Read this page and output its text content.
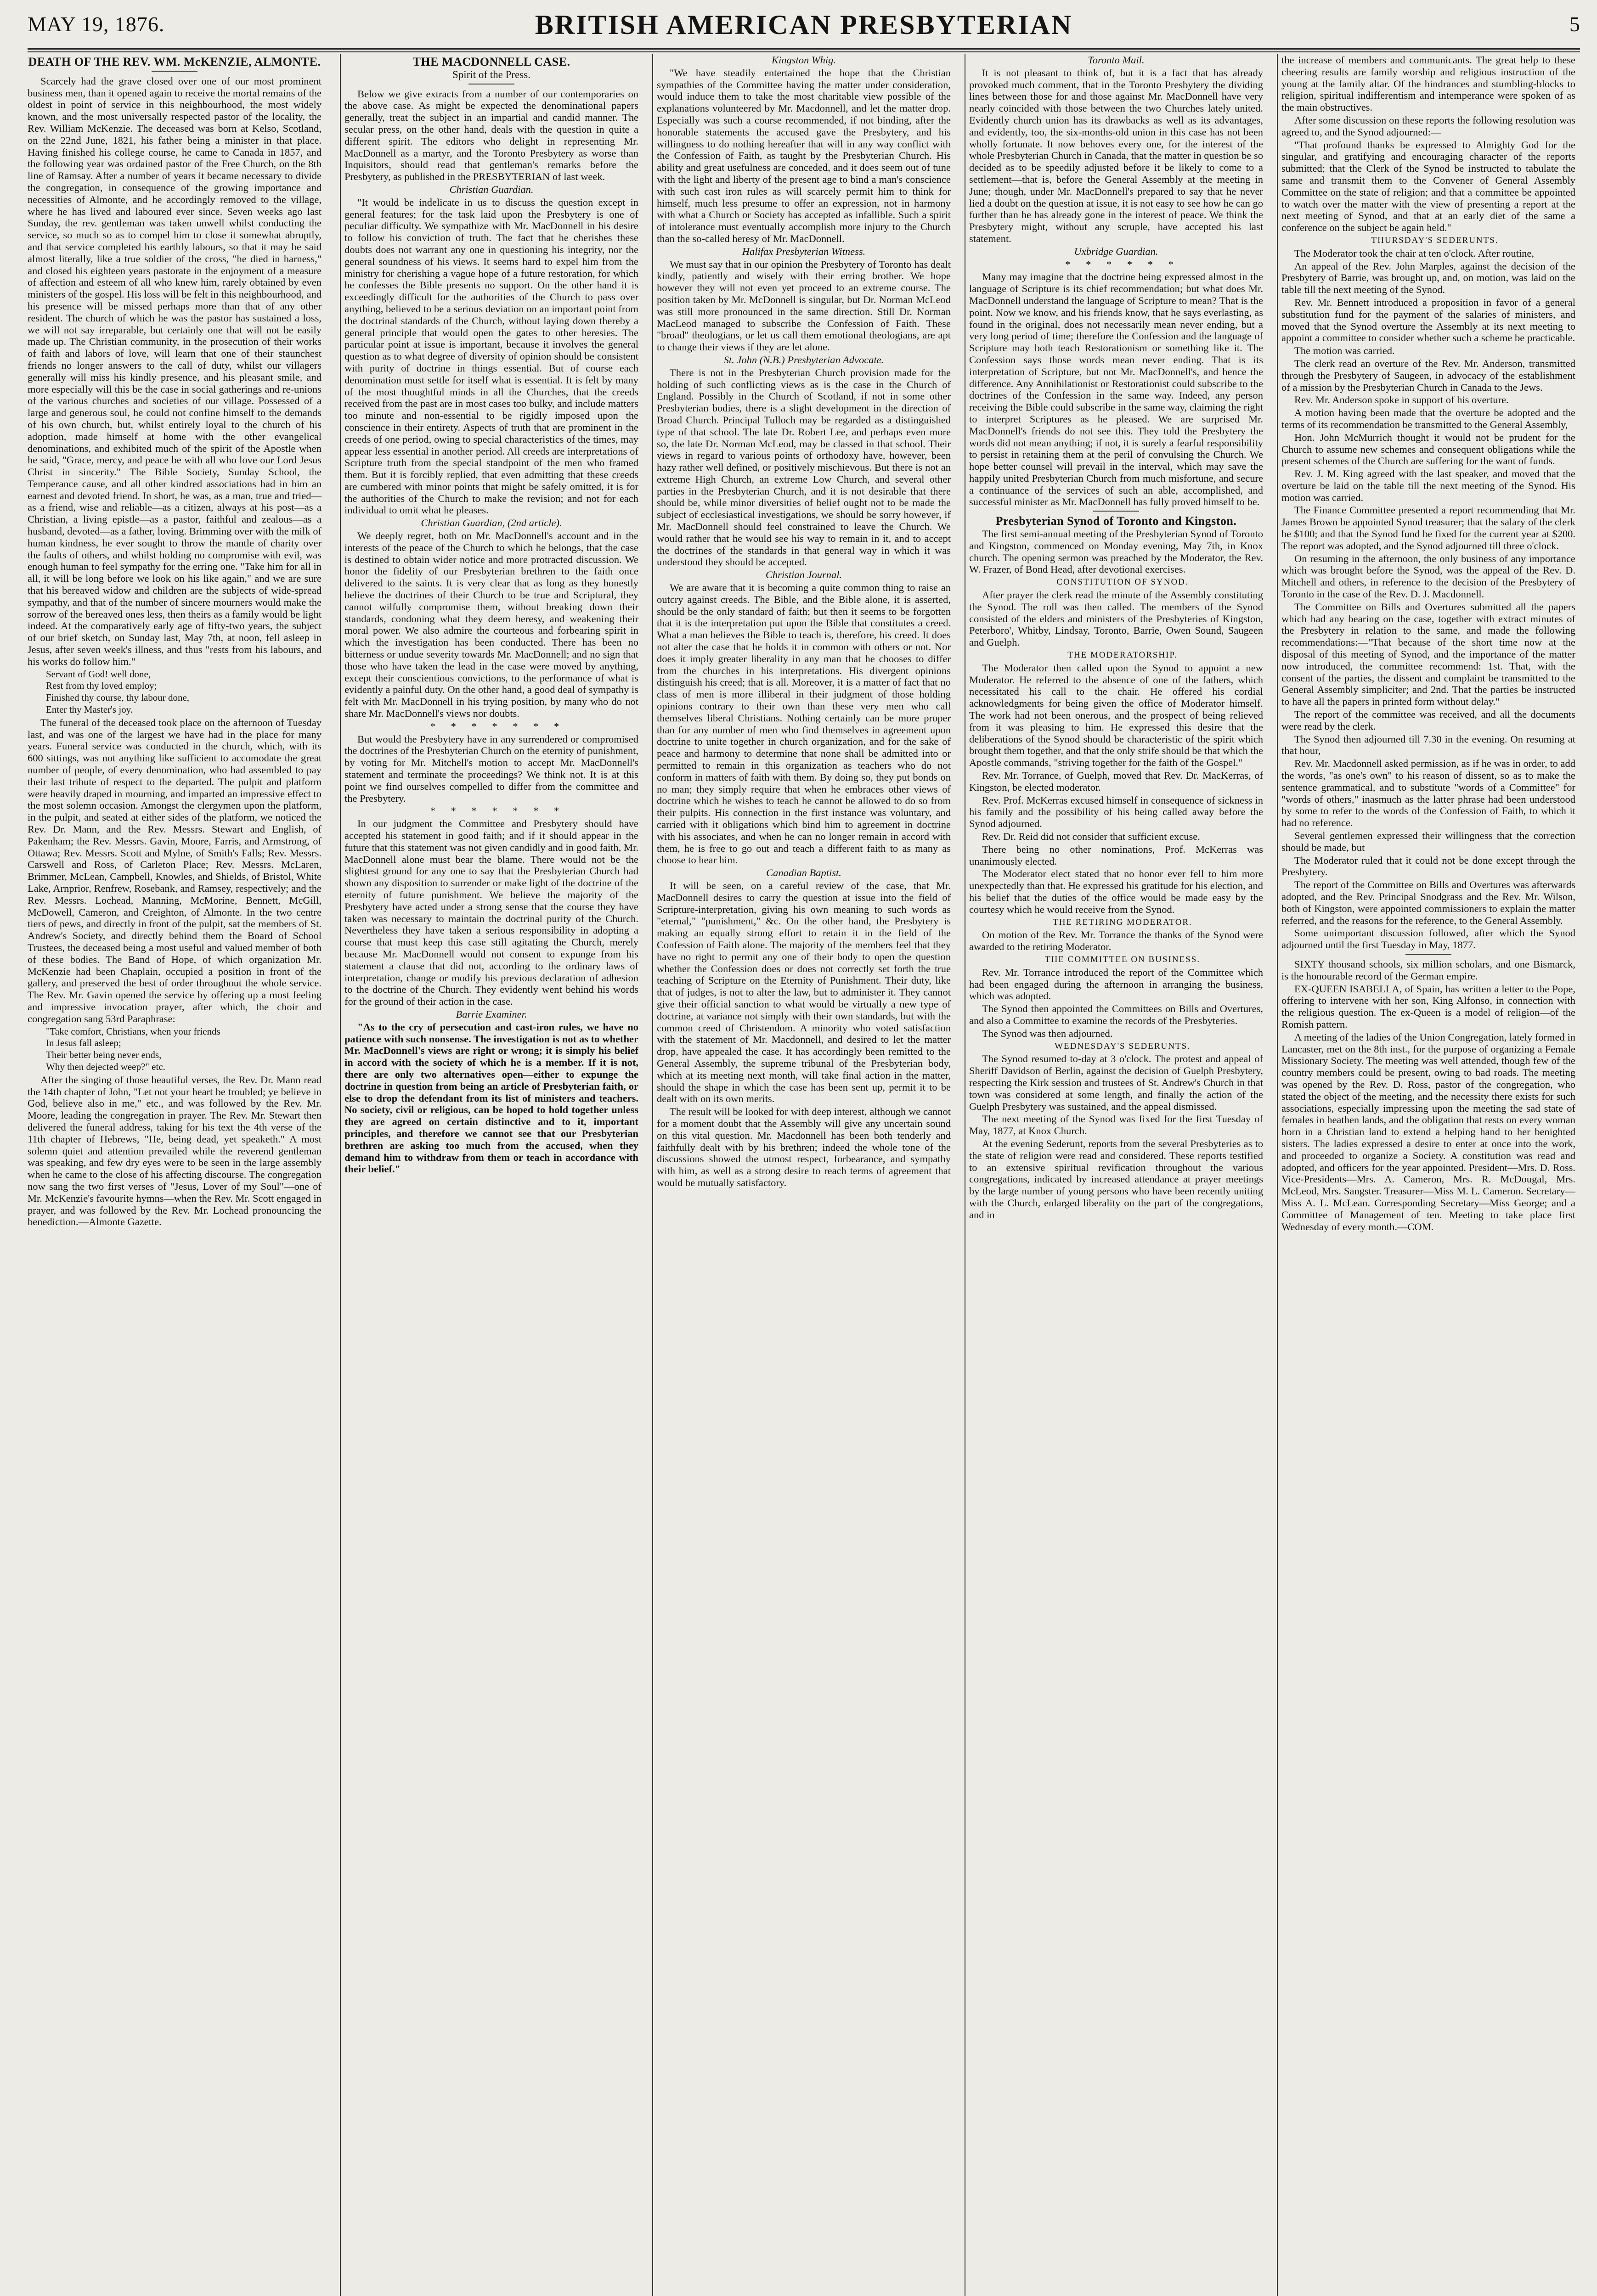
MAY 19, 1876.	BRITISH AMERICAN PRESBYTERIAN	5
DEATH OF THE REV. WM. McKENZIE, ALMONTE.

Scarcely had the grave closed over one of our most prominent business men, than it opened again to receive the mortal remains of the oldest in point of service in this neighbourhood, the most widely known, and the most universally respected pastor of the locality, the Rev. William McKenzie. The deceased was born at Kelso, Scotland, on the 22nd June, 1821, his father being a minister in that place. Having finished his college course, he came to Canada in 1857, and the following year was ordained pastor of the Free Church, on the 8th line of Ramsay. After a number of years it became necessary to divide the congregation, in consequence of the growing importance and necessities of Almonte, and he accordingly removed to the village, where he has lived and laboured ever since. Seven weeks ago last Sunday, the rev. gentleman was taken unwell whilst conducting the service, so much so as to compel him to close it somewhat abruptly, and that service completed his earthly labours, so that it may be said almost literally, like a true soldier of the cross, "he died in harness," and closed his eighteen years pastorate in the enjoyment of a measure of affection and esteem of all who knew him, rarely obtained by even ministers of the gospel. His loss will be felt in this neighbourhood, and his presence will be missed perhaps more than that of any other resident. The church of which he was the pastor has sustained a loss, we will not say irreparable, but certainly one that will not be easily made up. The Christian community, in the prosecution of their works of faith and labors of love, will learn that one of their staunchest friends no longer answers to the call of duty, whilst our villagers generally will miss his kindly presence, and his pleasant smile, and more especially will this be the case in social gatherings and re-unions of the various churches and societies of our village. Possessed of a large and generous soul, he could not confine himself to the demands of his own church, but, whilst entirely loyal to the church of his adoption, made himself at home with the other evangelical denominations, and exhibited much of the spirit of the Apostle when he said, "Grace, mercy, and peace be with all who love our Lord Jesus Christ in sincerity." The Bible Society, Sunday School, the Temperance cause, and all other kindred associations had in him an earnest and devoted friend. In short, he was, as a man, true and tried—as a friend, wise and reliable—as a citizen, always at his post—as a Christian, a living epistle—as a pastor, faithful and zealous—as a husband, devoted—as a father, loving. Brimming over with the milk of human kindness, he ever sought to throw the mantle of charity over the faults of others, and whilst holding no compromise with evil, was enough human to feel sympathy for the erring one. "Take him for all in all, it will be long before we look on his like again," and we are sure that his bereaved widow and children are the subjects of wide-spread sympathy, and that of the number of sincere mourners would make the sorrow of the bereaved ones less, then theirs as a family would be light indeed. At the comparatively early age of fifty-two years, the subject of our brief sketch, on Sunday last, May 7th, at noon, fell asleep in Jesus, after seven week's illness, and thus "rests from his labours, and his works do follow him."

Servant of God! well done,
Rest from thy loved employ;
Finished thy course, thy labour done,
Enter thy Master's joy.

The funeral of the deceased took place on the afternoon of Tuesday last, and was one of the largest we have had in the place for many years. Funeral service was conducted in the church, which, with its 600 sittings, was not anything like sufficient to accomodate the great number of people, of every denomination, who had assembled to pay their last tribute of respect to the departed. The pulpit and platform were heavily draped in mourning, and imparted an impressive effect to the most solemn occasion. Amongst the clergymen upon the platform, in the pulpit, and seated at either sides of the platform, we noticed the Rev. Dr. Mann, and the Rev. Messrs. Stewart and English, of Pakenham; the Rev. Messrs. Gavin, Moore, Farris, and Armstrong, of Ottawa; Rev. Messrs. Scott and Mylne, of Smith's Falls; Rev. Messrs. Carswell and Ross, of Carleton Place; Rev. Messrs. McLaren, Brimmer, McLean, Campbell, Knowles, and Shields, of Bristol, White Lake, Arnprior, Renfrew, Rosebank, and Ramsey, respectively; and the Rev. Messrs. Lochead, Manning, McMorine, Bennett, McGill, McDowell, Cameron, and Creighton, of Almonte. In the two centre tiers of pews, and directly in front of the pulpit, sat the members of St. Andrew's Society, and directly behind them the Board of School Trustees, the deceased being a most useful and valued member of both of these bodies. The Band of Hope, of which organization Mr. McKenzie had been Chaplain, occupied a position in front of the gallery, and preserved the best of order throughout the whole service. The Rev. Mr. Gavin opened the service by offering up a most feeling and impressive invocation prayer, after which, the choir and congregation sang 53rd Paraphrase:

"Take comfort, Christians, when your friends
In Jesus fall asleep;
Their better being never ends,
Why then dejected weep?" etc.

After the singing of those beautiful verses, the Rev. Dr. Mann read the 14th chapter of John, "Let not your heart be troubled; ye believe in God, believe also in me," etc., and was followed by the Rev. Mr. Moore, leading the congregation in prayer. The Rev. Mr. Stewart then delivered the funeral address, taking for his text the 4th verse of the 11th chapter of Hebrews, "He, being dead, yet speaketh." A most solemn quiet and attention prevailed while the reverend gentleman was speaking, and few dry eyes were to be seen in the large assembly when he came to the close of his affecting discourse. The congregation now sang the two first verses of "Jesus, Lover of my Soul"—one of Mr. McKenzie's favourite hymns—when the Rev. Mr. Scott engaged in prayer, and was followed by the Rev. Mr. Lochead pronouncing the benediction.—Almonte Gazette.

THE MACDONNELL CASE.
Spirit of the Press.

Below we give extracts from a number of our contemporaries on the above case. As might be expected the denominational papers generally, treat the subject in an impartial and candid manner. The secular press, on the other hand, deals with the question in quite a different spirit. The editors who delight in representing Mr. MacDonnell as a martyr, and the Toronto Presbytery as worse than Inquisitors, should read that gentleman's remarks before the Presbytery, as published in the PRESBYTERIAN of last week.

Christian Guardian.

"It would be indelicate in us to discuss the question except in general features; for the task laid upon the Presbytery is one of peculiar difficulty. We sympathize with Mr. MacDonnell in his desire to follow his conviction of truth. The fact that he cherishes these doubts does not warrant any one in questioning his integrity, nor the general soundness of his views. It seems hard to expel him from the ministry for cherishing a vague hope of a future restoration, for which he confesses the Bible presents no support. On the other hand it is exceedingly difficult for the authorities of the Church to pass over anything, believed to be a serious deviation on an important point from the doctrinal standards of the Church, without laying down thereby a general principle that would open the gates to other heresies. The particular point at issue is important, because it involves the general question as to what degree of diversity of opinion should be consistent with purity of doctrine in things essential. But of course each denomination must settle for itself what is essential. It is felt by many of the most thoughtful minds in all the Churches, that the creeds received from the past are in most cases too bulky, and include matters too minute and non-essential to be rigidly imposed upon the conscience in their entirety. Aspects of truth that are prominent in the creeds of one period, owing to special characteristics of the times, may appear less essential in another period. All creeds are interpretations of Scripture truth from the special standpoint of the men who framed them. But it is forcibly replied, that even admitting that these creeds are cumbered with minor points that might be safely omitted, it is for the authorities of the Church to make the revision; and not for each individual to omit what he pleases.

Christian Guardian, (2nd article).

We deeply regret, both on Mr. MacDonnell's account and in the interests of the peace of the Church to which he belongs, that the case is destined to obtain wider notice and more protracted discussion. We honor the fidelity of our Presbyterian brethren to the faith once delivered to the saints. It is very clear that as long as they honestly believe the doctrines of their Church to be true and Scriptural, they cannot wilfully compromise them, without breaking down their standards, condoning what they deem heresy, and weakening their moral power. We also admire the courteous and forbearing spirit in which the investigation has been conducted. There has been no bitterness or undue severity towards Mr. MacDonnell; and no sign that those who have taken the lead in the case were moved by anything, except their conscientious convictions, to the performance of what is evidently a painful duty. On the other hand, a good deal of sympathy is felt with Mr. MacDonnell in his trying position, by many who do not share Mr. MacDonnell's views nor doubts.

* * * * * * *

But would the Presbytery have in any surrendered or compromised the doctrines of the Presbyterian Church on the eternity of punishment, by voting for Mr. Mitchell's motion to accept Mr. MacDonnell's statement and terminate the proceedings? We think not. It is at this point we find ourselves compelled to differ from the committee and the Presbytery.

* * * * * * *

In our judgment the Committee and Presbytery should have accepted his statement in good faith; and if it should appear in the future that this statement was not given candidly and in good faith, Mr. MacDonnell alone must bear the blame. There would not be the slightest ground for any one to say that the Presbyterian Church had shown any disposition to surrender or make light of the doctrine of the eternity of future punishment. We believe the majority of the Presbytery have acted under a strong sense that the course they have taken was necessary to maintain the doctrinal purity of the Church. Nevertheless they have taken a serious responsibility in adopting a course that must keep this case still agitating the Church, merely because Mr. MacDonnell would not consent to expunge from his statement a clause that did not, according to the ordinary laws of interpretation, change or modify his previous declaration of adhesion to the doctrine of the Church. They evidently went behind his words for the ground of their action in the case.

Barrie Examiner.

"As to the cry of persecution and cast-iron rules, we have no patience with such nonsense. The investigation is not as to whether Mr. MacDonnell's views are right or wrong; it is simply his belief in accord with the society of which he is a member. If it is not, there are only two alternatives open—either to expunge the doctrine in question from being an article of Presbyterian faith, or else to drop the defendant from its list of ministers and teachers. No society, civil or religious, can be hoped to hold together unless they are agreed on certain distinctive and to it, important principles, and therefore we cannot see that our Presbyterian brethren are asking too much from the accused, when they demand him to withdraw from them or teach in accordance with their belief."

Kingston Whig.

"We have steadily entertained the hope that the Christian sympathies of the Committee having the matter under consideration, would induce them to take the most charitable view possible of the explanations volunteered by Mr. Macdonnell, and let the matter drop. Especially was such a course recommended, if not binding, after the honorable statements the accused gave the Presbytery, and his willingness to do nothing hereafter that will in any way conflict with the Confession of Faith, as taught by the Presbyterian Church. His ability and great usefulness are conceded, and it does seem out of tune with the light and liberty of the present age to bind a man's conscience with such cast iron rules as will scarcely permit him to think for himself, much less presume to offer an expression, not in harmony with what a Church or Society has accepted as infallible. Such a spirit of intolerance must eventually accomplish more injury to the Church than the so-called heresy of Mr. MacDonnell.

Halifax Presbyterian Witness.

We must say that in our opinion the Presbytery of Toronto has dealt kindly, patiently and wisely with their erring brother. We hope however they will not even yet proceed to an extreme course. The position taken by Mr. McDonnell is singular, but Dr. Norman McLeod was still more pronounced in the same direction. Still Dr. Norman MacLeod managed to subscribe the Confession of Faith. These "broad" theologians, or let us call them emotional theologians, are apt to change their views if they are let alone.

St. John (N.B.) Presbyterian Advocate.

There is not in the Presbyterian Church provision made for the holding of such conflicting views as is the case in the Church of England. Possibly in the Church of Scotland, if not in some other Presbyterian bodies, there is a slight development in the direction of Broad Church. Principal Tulloch may be regarded as a distinguished type of that school. The late Dr. Robert Lee, and perhaps even more so, the late Dr. Norman McLeod, may be classed in that school. Their views in regard to various points of orthodoxy have, however, been hazy rather well defined, or positively mischievous. But there is not an extreme High Church, an extreme Low Church, and several other parties in the Presbyterian Church, and it is not desirable that there should be, while minor diversities of belief ought not to be made the subject of ecclesiastical investigations, we should be sorry however, if Mr. MacDonnell should feel constrained to leave the Church. We would rather that he would see his way to remain in it, and to accept the doctrines of the standards in that general way in which it was understood they should be accepted.

Christian Journal.

We are aware that it is becoming a quite common thing to raise an outcry against creeds. The Bible, and the Bible alone, it is asserted, should be the only standard of faith; but then it seems to be forgotten that it is the interpretation put upon the Bible that constitutes a creed. What a man believes the Bible to teach is, therefore, his creed. It does not alter the case that he holds it in common with others or not. Nor does it imply greater liberality in any man that he chooses to differ from the churches in his interpretations. His divergent opinions distinguish his creed; that is all. Moreover, it is a matter of fact that no class of men is more illiberal in their judgment of those holding opinions contrary to their own than these very men who call themselves liberal Christians. Nothing certainly can be more proper than for any number of men who find themselves in agreement upon doctrine to unite together in church organization, and for the sake of peace and harmony to determine that none shall be admitted into or permitted to remain in this organization as teachers who do not conform in matters of faith with them. By doing so, they put bonds on no man; they simply require that when he embraces other views of doctrine which he wishes to teach he cannot be allowed to do so from their pulpits. His connection in the first instance was voluntary, and carried with it obligations which bind him to agreement in doctrine with his associates, and when he can no longer remain in accord with them, he is free to go out and teach a different faith to as many as choose to hear him.

Canadian Baptist.

It will be seen, on a careful review of the case, that Mr. MacDonnell desires to carry the question at issue into the field of Scripture-interpretation, giving his own meaning to such words as "eternal," "punishment," &c. On the other hand, the Presbytery is making an equally strong effort to retain it in the field of the Confession of Faith alone. The majority of the members feel that they have no right to permit any one of their body to open the question whether the Confession does or does not correctly set forth the true teaching of Scripture on the Eternity of Punishment. Their duty, like that of judges, is not to alter the law, but to administer it. They cannot give their official sanction to what would be virtually a new type of doctrine, at variance not simply with their own standards, but with the common creed of Christendom. A minority who voted satisfaction with the statement of Mr. Macdonnell, and desired to let the matter drop, have appealed the case. It has accordingly been remitted to the General Assembly, the supreme tribunal of the Presbyterian body, which at its meeting next month, will take final action in the matter, should the shape in which the case has been sent up, permit it to be dealt with on its own merits.

The result will be looked for with deep interest, although we cannot for a moment doubt that the Assembly will give any uncertain sound on this vital question. Mr. Macdonnell has been both tenderly and faithfully dealt with by his brethren; indeed the whole tone of the discussions showed the utmost respect, forbearance, and sympathy with him, as well as a strong desire to reach terms of agreement that would be mutually satisfactory.

Toronto Mail.

It is not pleasant to think of, but it is a fact that has already provoked much comment, that in the Toronto Presbytery the dividing lines between those for and those against Mr. MacDonnell have very nearly coincided with those between the two Churches lately united. Evidently church union has its drawbacks as well as its advantages, and evidently, too, the six-months-old union in this case has not been wholly fortunate. It now behoves every one, for the interest of the whole Presbyterian Church in Canada, that the matter in question be so decided as to be speedily adjusted before it be likely to come to a settlement—that is, before the General Assembly at the meeting in June; though, under Mr. MacDonnell's prepared to say that he never lied a doubt on the question at issue, it is not easy to see how he can go further than he has already gone in the interest of peace. We think the Presbytery might, without any scruple, have accepted his last statement.

Uxbridge Guardian.

* * * * * *

Many may imagine that the doctrine being expressed almost in the language of Scripture is its chief recommendation; but what does Mr. MacDonnell understand the language of Scripture to mean? That is the point. Now we know, and his friends know, that he says everlasting, as found in the original, does not necessarily mean never ending, but a very long period of time; therefore the Confession and the language of Scripture may both teach Restorationism or something like it. The Confession says those words mean never ending. That is its interpretation of Scripture, but not Mr. MacDonnell's, and hence the difference. Any Annihilationist or Restorationist could subscribe to the doctrines of the Confession in the same way. Indeed, any person receiving the Bible could subscribe in the same way, claiming the right to interpret Scriptures as he pleased. We are surprised Mr. MacDonnell's friends do not see this. They told the Presbytery the words did not mean anything; if not, it is surely a fearful responsibility to persist in retaining them at the peril of convulsing the Church. We hope better counsel will prevail in the interval, which may save the happily united Presbyterian Church from much misfortune, and secure a continuance of the services of such an able, accomplished, and successful minister as Mr. MacDonnell has fully proved himself to be.

Presbyterian Synod of Toronto and Kingston.

The first semi-annual meeting of the Presbyterian Synod of Toronto and Kingston, commenced on Monday evening, May 7th, in Knox church. The opening sermon was preached by the Moderator, the Rev. W. Frazer, of Bond Head, after devotional exercises.

CONSTITUTION OF SYNOD.

After prayer the clerk read the minute of the Assembly constituting the Synod. The roll was then called. The members of the Synod consisted of the elders and ministers of the Presbyteries of Kingston, Peterboro', Whitby, Lindsay, Toronto, Barrie, Owen Sound, Saugeen and Guelph.

THE MODERATORSHIP.

The Moderator then called upon the Synod to appoint a new Moderator. He referred to the absence of one of the fathers, which necessitated his call to the chair. He offered his cordial acknowledgments for being given the office of Moderator himself. The work had not been onerous, and the prospect of being relieved from it was pleasing to him. He expressed this desire that the deliberations of the Synod should be characteristic of the spirit which brought them together, and that the only strife should be that which the Apostle commands, "striving together for the faith of the Gospel."

Rev. Mr. Torrance, of Guelph, moved that Rev. Dr. MacKerras, of Kingston, be elected moderator.

Rev. Prof. McKerras excused himself in consequence of sickness in his family and the possibility of his being called away before the Synod adjourned.

Rev. Dr. Reid did not consider that sufficient excuse.

There being no other nominations, Prof. McKerras was unanimously elected.

The Moderator elect stated that no honor ever fell to him more unexpectedly than that. He expressed his gratitude for his election, and his belief that the duties of the office would be made easy by the courtesy which he would receive from the Synod.

THE RETIRING MODERATOR.

On motion of the Rev. Mr. Torrance the thanks of the Synod were awarded to the retiring Moderator.

THE COMMITTEE ON BUSINESS.

Rev. Mr. Torrance introduced the report of the Committee which had been engaged during the afternoon in arranging the business, which was adopted.

The Synod then appointed the Committees on Bills and Overtures, and also a Committee to examine the records of the Presbyteries.

The Synod was then adjourned.

WEDNESDAY'S SEDERUNTS.

The Synod resumed to-day at 3 o'clock. The protest and appeal of Sheriff Davidson of Berlin, against the decision of Guelph Presbytery, respecting the Kirk session and trustees of St. Andrew's Church in that town was considered at some length, and finally the action of the Guelph Presbytery was sustained, and the appeal dismissed.

The next meeting of the Synod was fixed for the first Tuesday of May, 1877, at Knox Church.

At the evening Sederunt, reports from the several Presbyteries as to the state of religion were read and considered. These reports testified to an extensive spiritual revification throughout the various congregations, indicated by increased attendance at prayer meetings by the large number of young persons who have been recently uniting with the Church, enlarged liberality on the part of the congregations, and in

the increase of members and communicants. The great help to these cheering results are family worship and religious instruction of the young at the family altar. Of the hindrances and stumbling-blocks to religion, spiritual indifferentism and intemperance were spoken of as the main obstructives.

After some discussion on these reports the following resolution was agreed to, and the Synod adjourned:—

"That profound thanks be expressed to Almighty God for the singular, and gratifying and encouraging character of the reports submitted; that the Clerk of the Synod be instructed to tabulate the same and transmit them to the Convener of General Assembly Committee on the state of religion; and that a committee be appointed to watch over the matter with the view of presenting a report at the next meeting of Synod, and that at an early diet of the same a conference on the subject be again held."

THURSDAY'S SEDERUNTS.

The Moderator took the chair at ten o'clock. After routine,

An appeal of the Rev. John Marples, against the decision of the Presbytery of Barrie, was brought up, and, on motion, was laid on the table till the next meeting of the Synod.

Rev. Mr. Bennett introduced a proposition in favor of a general substitution fund for the payment of the salaries of ministers, and moved that the Synod overture the Assembly at its next meeting to appoint a committee to consider whether such a scheme be practicable.

The motion was carried.

The clerk read an overture of the Rev. Mr. Anderson, transmitted through the Presbytery of Saugeen, in advocacy of the establishment of a mission by the Presbyterian Church in Canada to the Jews.

Rev. Mr. Anderson spoke in support of his overture.

A motion having been made that the overture be adopted and the terms of its recommendation be transmitted to the General Assembly,

Hon. John McMurrich thought it would not be prudent for the Church to assume new schemes and consequent obligations while the present schemes of the Church are suffering for the want of funds.

Rev. J. M. King agreed with the last speaker, and moved that the overture be laid on the table till the next meeting of the Synod. His motion was carried.

The Finance Committee presented a report recommending that Mr. James Brown be appointed Synod treasurer; that the salary of the clerk be $100; and that the Synod fund be fixed for the current year at $200. The report was adopted, and the Synod adjourned till three o'clock.

On resuming in the afternoon, the only business of any importance which was brought before the Synod, was the appeal of the Rev. D. Mitchell and others, in reference to the decision of the Presbytery of Toronto in the case of the Rev. D. J. Macdonnell.

The Committee on Bills and Overtures submitted all the papers which had any bearing on the case, together with extract minutes of the Presbytery in relation to the same, and made the following recommendations:—"That because of the short time now at the disposal of this meeting of Synod, and the importance of the matter now introduced, the committee recommend: 1st. That, with the consent of the parties, the dissent and complaint be transmitted to the General Assembly simpliciter; and 2nd. That the parties be instructed to have all the papers in printed form without delay."

The report of the committee was received, and all the documents were read by the clerk.

The Synod then adjourned till 7.30 in the evening. On resuming at that hour,

Rev. Mr. Macdonnell asked permission, as if he was in order, to add the words, "as one's own" to his reason of dissent, so as to make the sentence grammatical, and to substitute "words of a Committee" for "words of others," inasmuch as the latter phrase had been understood by some to refer to the words of the Confession of Faith, to which it had no reference.

Several gentlemen expressed their willingness that the correction should be made, but

The Moderator ruled that it could not be done except through the Presbytery.

The report of the Committee on Bills and Overtures was afterwards adopted, and the Rev. Principal Snodgrass and the Rev. Mr. Wilson, both of Kingston, were appointed commissioners to explain the matter referred, and the reasons for the reference, to the General Assembly.

Some unimportant discussion followed, after which the Synod adjourned until the first Tuesday in May, 1877.

SIXTY thousand schools, six million scholars, and one Bismarck, is the honourable record of the German empire.

EX-QUEEN ISABELLA, of Spain, has written a letter to the Pope, offering to intervene with her son, King Alfonso, in connection with the religious question. The ex-Queen is a model of religion—of the Romish pattern.

A meeting of the ladies of the Union Congregation, lately formed in Lancaster, met on the 8th inst., for the purpose of organizing a Female Missionary Society. The meeting was well attended, though few of the country members could be present, owing to bad roads. The meeting was opened by the Rev. D. Ross, pastor of the congregation, who stated the object of the meeting, and the necessity there exists for such associations, especially impressing upon the meeting the sad state of females in heathen lands, and the obligation that rests on every woman born in a Christian land to extend a helping hand to her benighted sisters. The ladies expressed a desire to enter at once into the work, and proceeded to organize a Society. A constitution was read and adopted, and officers for the year appointed. President—Mrs. D. Ross. Vice-Presidents—Mrs. A. Cameron, Mrs. R. McDougal, Mrs. McLeod, Mrs. Sangster. Treasurer—Miss M. L. Cameron. Secretary—Miss A. L. McLean. Corresponding Secretary—Miss George; and a Committee of Management of ten. Meeting to take place first Wednesday of every month.—COM.
